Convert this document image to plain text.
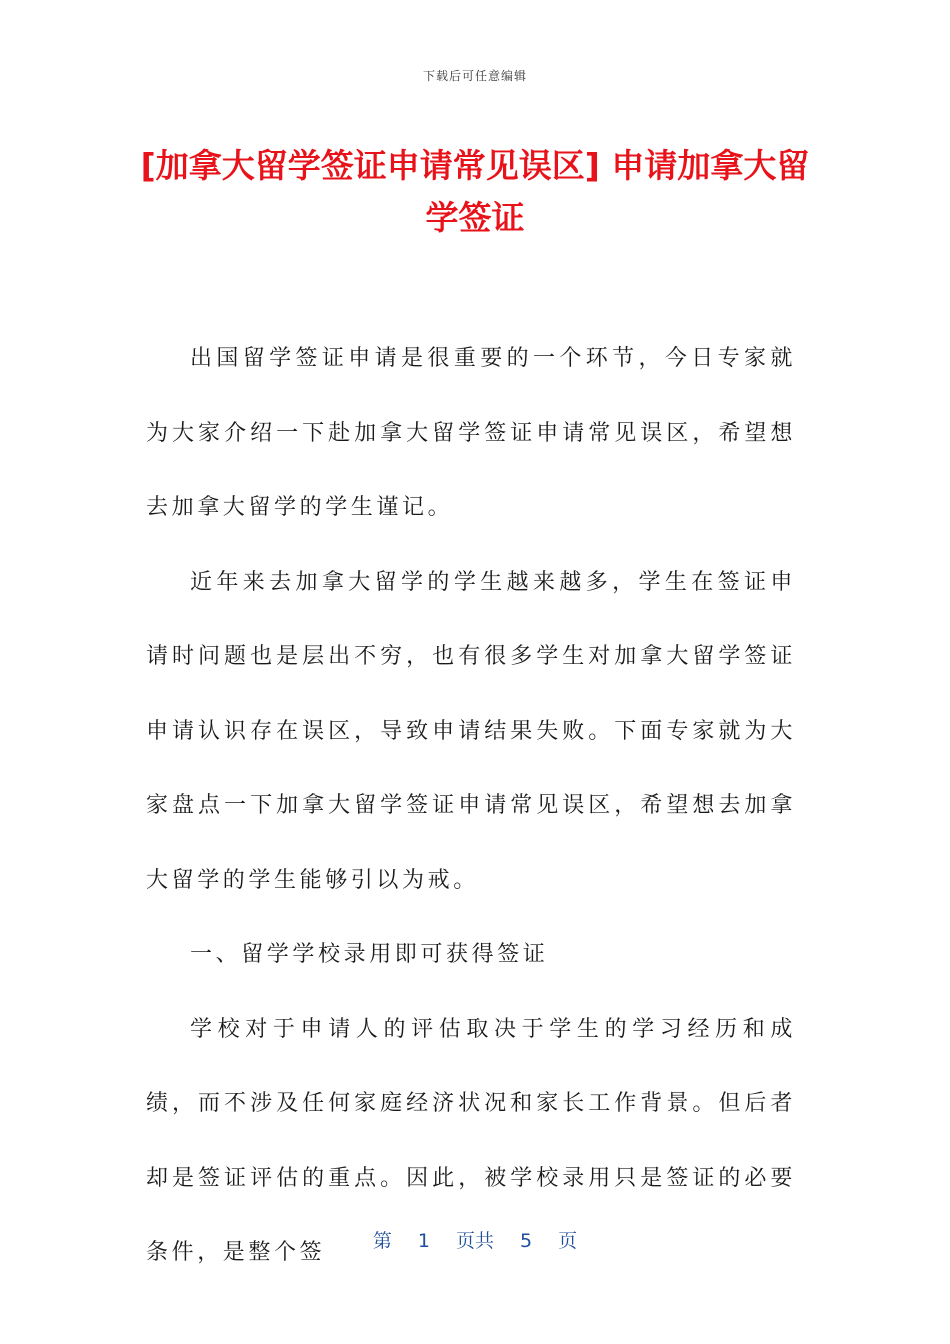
下载后可任意编辑
[加拿大留学签证申请常见误区] 申请加拿大留学签证

出国留学签证申请是很重要的一个环节，今日专家就为大家介绍一下赴加拿大留学签证申请常见误区，希望想去加拿大留学的学生谨记。

近年来去加拿大留学的学生越来越多，学生在签证申请时问题也是层出不穷，也有很多学生对加拿大留学签证申请认识存在误区，导致申请结果失败。下面专家就为大家盘点一下加拿大留学签证申请常见误区，希望想去加拿大留学的学生能够引以为戒。

一、留学学校录用即可获得签证

学校对于申请人的评估取决于学生的学习经历和成绩，而不涉及任何家庭经济状况和家长工作背景。但后者却是签证评估的重点。因此，被学校录用只是签证的必要条件，是整个签	第 1 页共 5 页
